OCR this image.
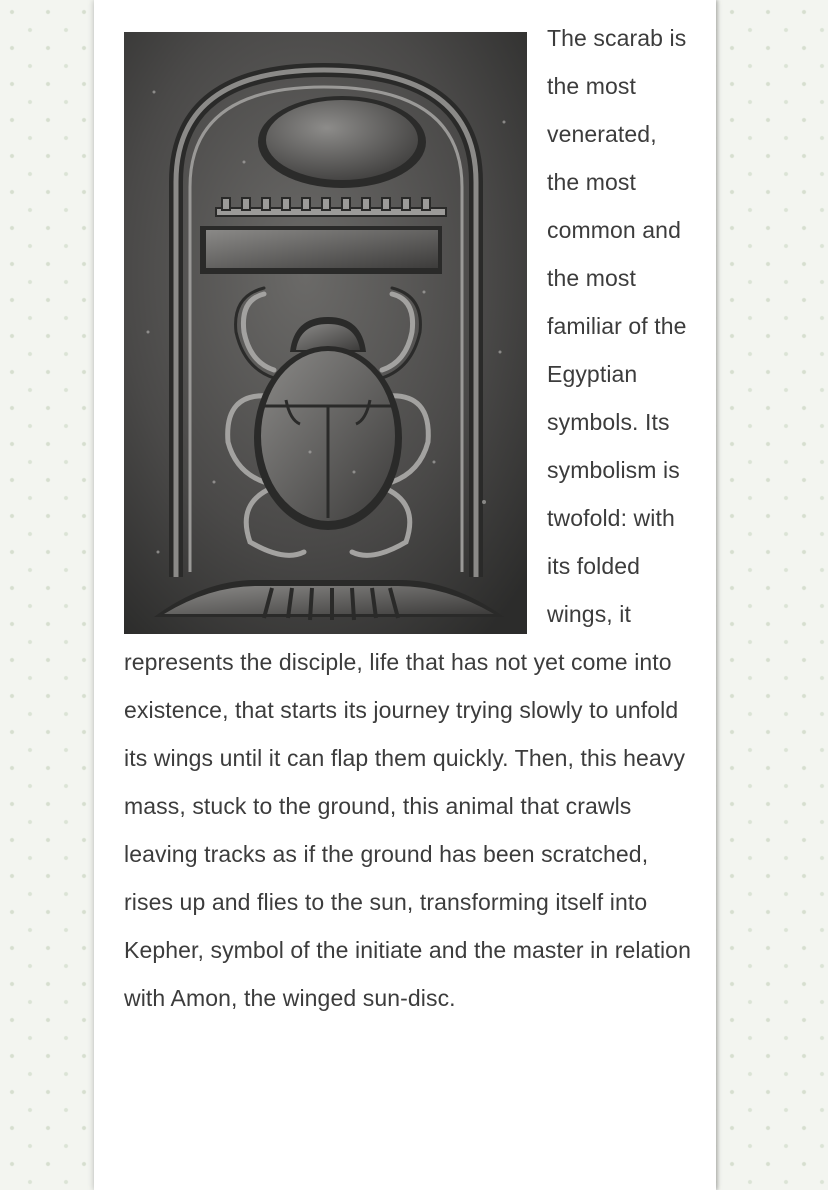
The scarab is the most venerated, the most common and the most familiar of the Egyptian symbols. Its symbolism is twofold: with its folded wings, it represents the disciple, life that has not yet come into existence, that starts its journey trying slowly to unfold its wings until it can flap them quickly. Then, this heavy mass, stuck to the ground, this animal that crawls leaving tracks as if the ground has been scratched, rises up and flies to the sun, transforming itself into Kepher, symbol of the initiate and the master in relation with Amon, the winged sun-disc.
